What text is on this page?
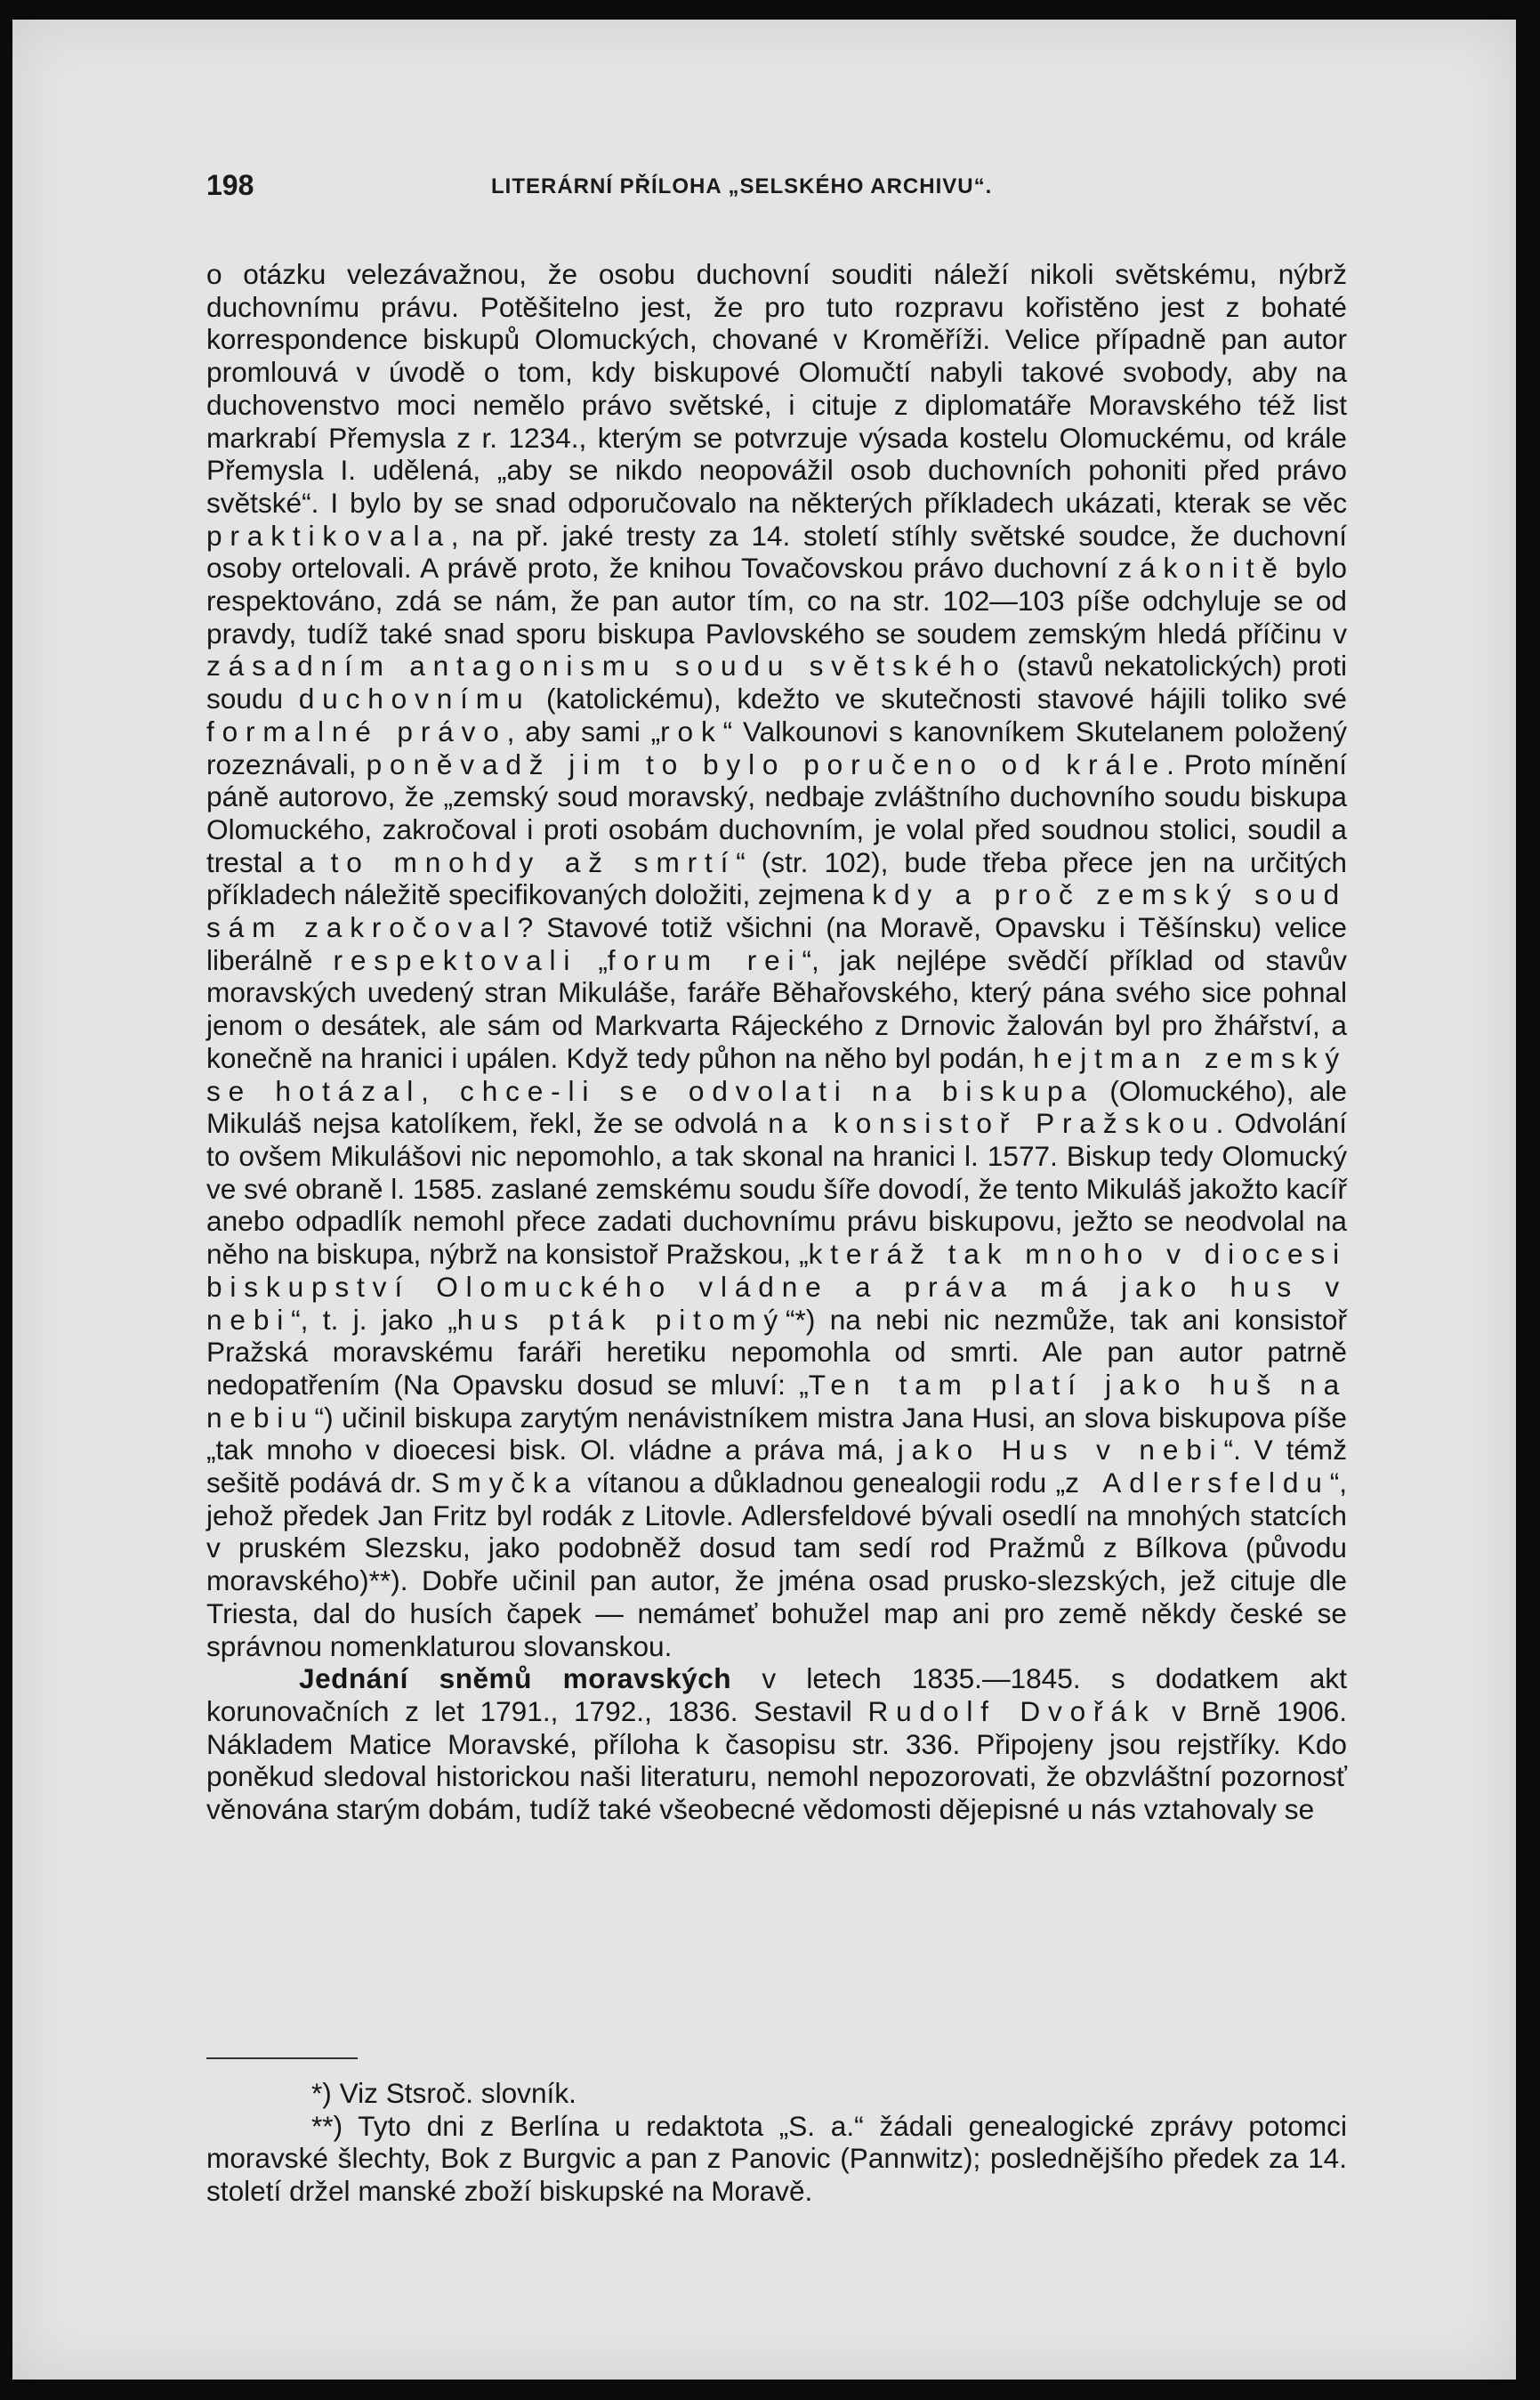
198	LITERÁRNÍ PŘÍLOHA „SELSKÉHO ARCHIVU“.

o otázku velezávažnou, že osobu duchovní souditi náleží nikoli světskému, nýbrž duchovnímu právu. Potěšitelno jest, že pro tuto rozpravu kořistěno jest z bohaté korrespondence biskupů Olomuckých, chované v Kroměříži. Velice případně pan autor promlouvá v úvodě o tom, kdy biskupové Olomučtí nabyli takové svobody, aby na duchovenstvo moci nemělo právo světské, i cituje z diplomatáře Moravského též list markrabí Přemysla z r. 1234., kterým se potvrzuje výsada kostelu Olomuckému, od krále Přemysla I. udělená, „aby se nikdo neopovážil osob duchovních pohoniti před právo světské“. I bylo by se snad odporučovalo na některých příkladech ukázati, kterak se věc praktikovala, na př. jaké tresty za 14. století stíhly světské soudce, že duchovní osoby ortelovali. A právě proto, že knihou Tovačovskou právo duchovní zákonitě bylo respektováno, zdá se nám, že pan autor tím, co na str. 102—103 píše odchyluje se od pravdy, tudíž také snad sporu biskupa Pavlovského se soudem zemským hledá příčinu v zásadním antagonismu soudu světského (stavů nekatolických) proti soudu duchovnímu (katolickému), kdežto ve skutečnosti stavové hájili toliko své formalné právo, aby sami „rok“ Valkounovi s kanovníkem Skutelanem položený rozeznávali, poněvadž jim to bylo poručeno od krále. Proto mínění páně autorovo, že „zemský soud moravský, nedbaje zvláštního duchovního soudu biskupa Olomuckého, zakročoval i proti osobám duchovním, je volal před soudnou stolici, soudil a trestal a to mnohdy až smrtí“ (str. 102), bude třeba přece jen na určitých příkladech náležitě specifikovaných doložiti, zejmena kdy a proč zemský soud sám zakročoval? Stavové totiž všichni (na Moravě, Opavsku i Těšínsku) velice liberálně respektovali „forum rei“, jak nejlépe svědčí příklad od stavův moravských uvedený stran Mikuláše, faráře Běhařovského, který pána svého sice pohnal jenom o desátek, ale sám od Markvarta Rájeckého z Drnovic žalován byl pro žhářství, a konečně na hranici i upálen. Když tedy půhon na něho byl podán, hejtman zemský se hotázal, chce-li se odvolati na biskupa (Olomuckého), ale Mikuláš nejsa katolíkem, řekl, že se odvolá na konsistoř Pražskou. Odvolání to ovšem Mikulášovi nic nepomohlo, a tak skonal na hranici l. 1577. Biskup tedy Olomucký ve své obraně l. 1585. zaslané zemskému soudu šíře dovodí, že tento Mikuláš jakožto kacíř anebo odpadlík nemohl přece zadati duchovnímu právu biskupovu, ježto se neodvolal na něho na biskupa, nýbrž na konsistoř Pražskou, „kteráž tak mnoho v diocesi biskupství Olomuckého vládne a práva má jako hus v nebi“, t. j. jako „hus pták pitomý“*) na nebi nic nezmůže, tak ani konsistoř Pražská moravskému faráři heretiku nepomohla od smrti. Ale pan autor patrně nedopatřením (Na Opavsku dosud se mluví: „Ten tam platí jako huš na nebiu“) učinil biskupa zarytým nenávistníkem mistra Jana Husi, an slova biskupova píše „tak mnoho v dioecesi bisk. Ol. vládne a práva má, jako Hus v nebi“. V témž sešitě podává dr. Smyčka vítanou a důkladnou genealogii rodu „z Adlersfeldu“, jehož předek Jan Fritz byl rodák z Litovle. Adlersfeldové bývali osedlí na mnohých statcích v pruském Slezsku, jako podobněž dosud tam sedí rod Pražmů z Bílkova (původu moravského)**). Dobře učinil pan autor, že jména osad prusko-slezských, jež cituje dle Triesta, dal do husích čapek — nemámeť bohužel map ani pro země někdy české se správnou nomenklaturou slovanskou.
Jednání sněmů moravských v letech 1835.—1845. s dodatkem akt korunovačních z let 1791., 1792., 1836. Sestavil Rudolf Dvořák v Brně 1906. Nákladem Matice Moravské, příloha k časopisu str. 336. Připojeny jsou rejstříky. Kdo poněkud sledoval historickou naši literaturu, nemohl nepozorovati, že obzvláštní pozornosť věnována starým dobám, tudíž také všeobecné vědomosti dějepisné u nás vztahovaly se

*) Viz Stsroč. slovník.

**) Tyto dni z Berlína u redaktota „S. a.“ žádali genealogické zprávy potomci moravské šlechty, Bok z Burgvic a pan z Panovic (Pannwitz); poslednějšího předek za 14. století držel manské zboží biskupské na Moravě.
